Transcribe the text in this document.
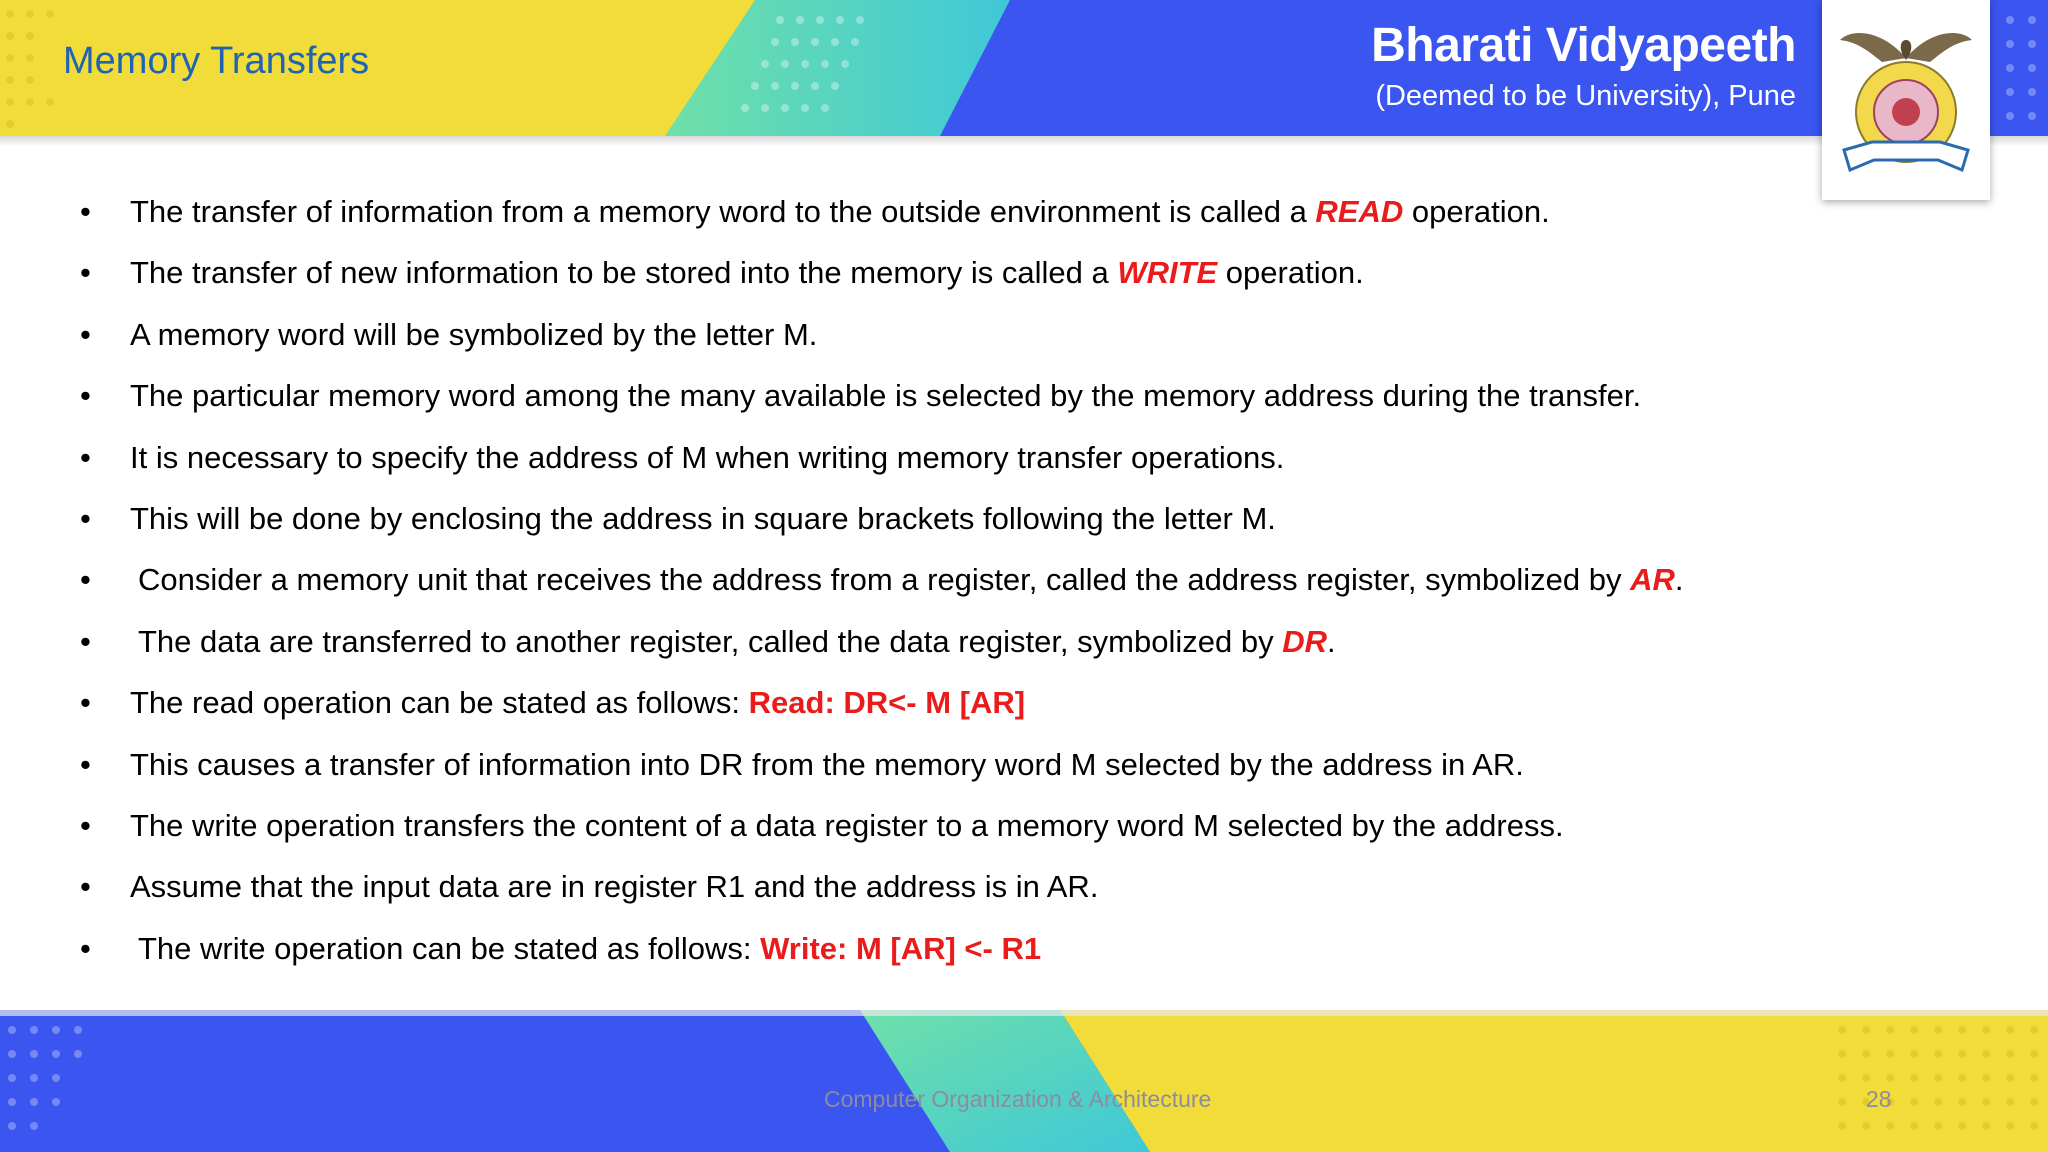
Memory Transfers	Bharati Vidyapeeth
(Deemed to be University), Pune
• The transfer of information from a memory word to the outside environment is called a READ operation.
• The transfer of new information to be stored into the memory is called a WRITE operation.
• A memory word will be symbolized by the letter M.
• The particular memory word among the many available is selected by the memory address during the transfer.
• It is necessary to specify the address of M when writing memory transfer operations.
• This will be done by enclosing the address in square brackets following the letter M.
• Consider a memory unit that receives the address from a register, called the address register, symbolized by AR.
• The data are transferred to another register, called the data register, symbolized by DR.
• The read operation can be stated as follows: Read: DR<- M [AR]
• This causes a transfer of information into DR from the memory word M selected by the address in AR.
• The write operation transfers the content of a data register to a memory word M selected by the address.
• Assume that the input data are in register R1 and the address is in AR.
• The write operation can be stated as follows: Write: M [AR] <- R1
Computer Organization & Architecture	28
